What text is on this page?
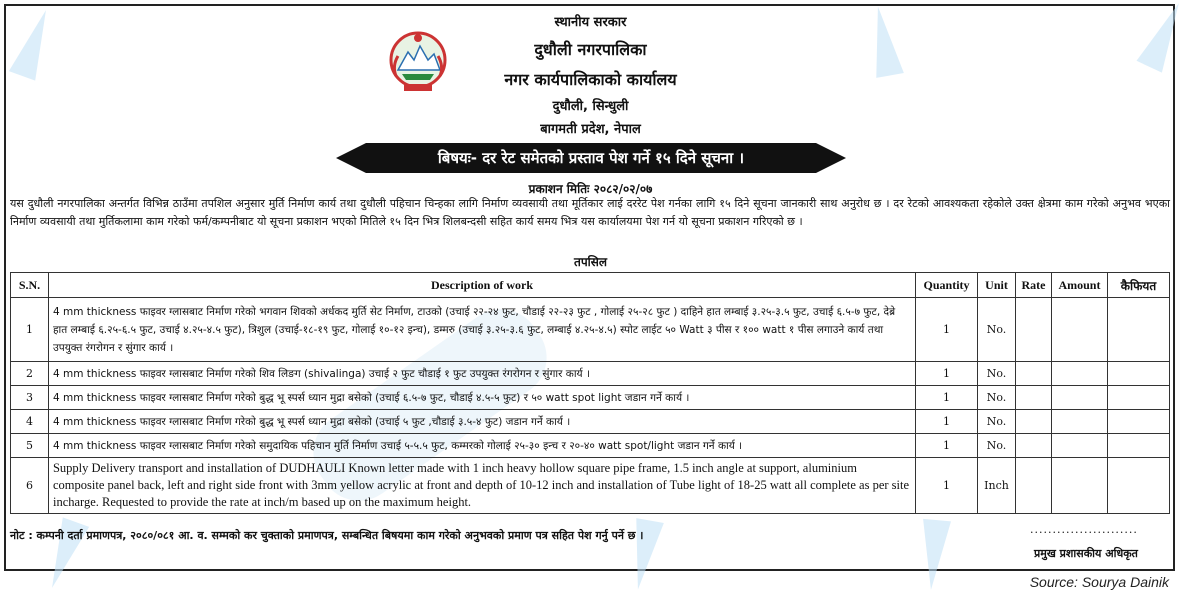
स्थानीय सरकार
दुधौली नगरपालिका
नगर कार्यपालिकाको कार्यालय
दुधौली, सिन्धुली
बागमती प्रदेश, नेपाल
बिषयः- दर रेट समेतको प्रस्ताव पेश गर्ने १५ दिने सूचना ।
प्रकाशन मितिः २०८२/०२/०७
यस दुधौली नगरपालिका अन्तर्गत विभिन्न ठाउँमा तपशिल अनुसार मुर्ति निर्माण कार्य तथा दुधौली पहिचान चिन्हका लागि निर्माण व्यवसायी तथा मूर्तिकार लाई दररेट पेश गर्नका लागि १५ दिने सूचना जानकारी साथ अनुरोध छ । दर रेटको आवश्यकता रहेकोले उक्त क्षेत्रमा काम गरेको अनुभव भएका निर्माण व्यवसायी तथा मुर्तिकलामा काम गरेको फर्म/कम्पनीबाट यो सूचना प्रकाशन भएको मितिले १५ दिन भित्र शिलबन्दसी सहित कार्य समय भित्र यस कार्यालयमा पेश गर्न यो सूचना प्रकाशन गरिएको छ ।
तपसिल
S.N.	Description of work	Quantity	Unit	Rate	Amount	कैफियत
1	4 mm thickness फाइवर ग्लासबाट निर्माण गरेको भगवान शिवको अर्धकद मुर्ति सेट निर्माण, टाउको (उचाई २२-२४ फुट, चौडाई २२-२३ फुट , गोलाई २५-२८ फुट ) दाहिने हात लम्बाई ३.२५-३.५ फुट, उचाई ६.५-७ फुट, देब्रे हात लम्बाई ६.२५-६.५ फुट, उचाई ४.२५-४.५ फुट), त्रिशुल (उचाई-१८-१९ फुट, गोलाई १०-१२ इन्च), डम्मरु (उचाई ३.२५-३.६ फुट, लम्बाई ४.२५-४.५) स्पोट लाईट ५० Watt ३ पीस र १०० watt १ पीस लगाउने कार्य तथा उपयुक्त रंगरोगन र सुंगार कार्य ।	1	No.			
2	4 mm thickness फाइवर ग्लासबाट निर्माण गरेको शिव लिङग (shivalinga) उचाई २ फुट चौडाई १ फुट उपयुक्त रंगरोगन र सुंगार कार्य ।	1	No.			
3	4 mm thickness फाइवर ग्लासबाट निर्माण गरेको बुद्ध भू स्पर्स ध्यान मुद्रा बसेको (उचाई ६.५-७ फुट, चौडाई ४.५-५ फुट) र ५० watt spot light जडान गर्ने कार्य ।	1	No.			
4	4 mm thickness फाइवर ग्लासबाट निर्माण गरेको बुद्ध भू स्पर्स ध्यान मुद्रा बसेको (उचाई ५ फुट ,चौडाई ३.५-४ फुट) जडान गर्ने कार्य ।	1	No.			
5	4 mm thickness फाइवर ग्लासबाट निर्माण गरेको समुदायिक पहिचान मुर्ति निर्माण उचाई ५-५.५ फुट, कम्मरको गोलाई २५-३० इन्च र २०-४० watt spot/light जडान गर्ने कार्य ।	1	No.			
6	Supply Delivery transport and installation of DUDHAULI Known letter made with 1 inch heavy hollow square pipe frame, 1.5 inch angle at support, aluminium composite panel back, left and right side front with 3mm yellow acrylic at front and depth of 10-12 inch and installation of Tube light of 18-25 watt all complete as per site incharge. Requested to provide the rate at inch/m based up on the maximum height.	1	Inch			
नोट : कम्पनी दर्ता प्रमाणपत्र, २०८०/०८१ आ. व. सम्मको कर चुक्ताको प्रमाणपत्र, सम्बन्धित बिषयमा काम गरेको अनुभवको प्रमाण पत्र सहित पेश गर्नु पर्ने छ ।	........................
प्रमुख प्रशासकीय अधिकृत
Source: Sourya Dainik
